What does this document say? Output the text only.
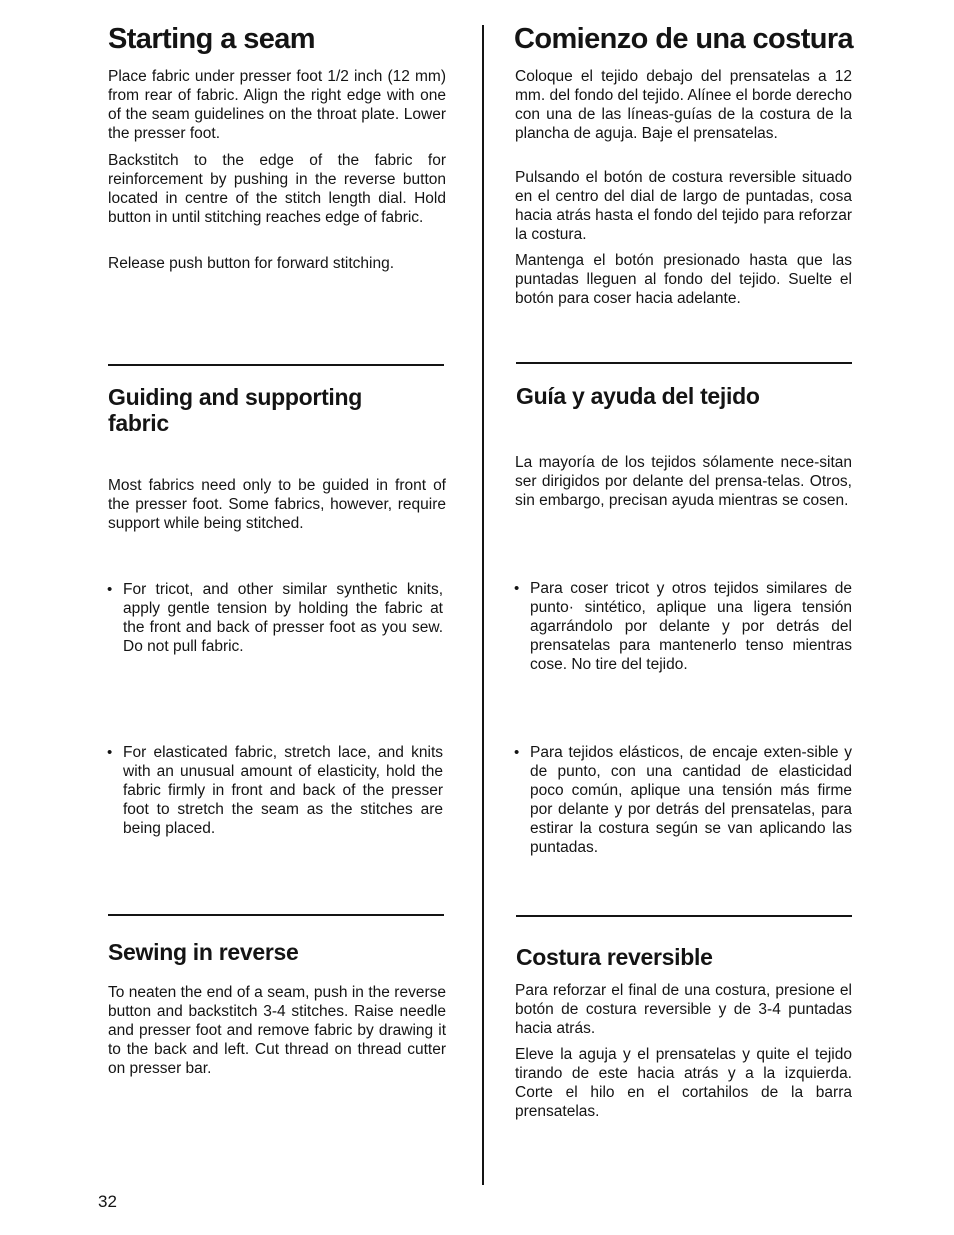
Starting a seam

Place fabric under presser foot 1/2 inch (12 mm) from rear of fabric. Align the right edge with one of the seam guidelines on the throat plate. Lower the presser foot.

Backstitch to the edge of the fabric for reinforcement by pushing in the reverse button located in centre of the stitch length dial. Hold button in until stitching reaches edge of fabric.

Release push button for forward stitching.

Guiding and supporting fabric

Most fabrics need only to be guided in front of the presser foot. Some fabrics, however, require support while being stitched.

• For tricot, and other similar synthetic knits, apply gentle tension by holding the fabric at the front and back of presser foot as you sew. Do not pull fabric.
• For elasticated fabric, stretch lace, and knits with an unusual amount of elasticity, hold the fabric firmly in front and back of the presser foot to stretch the seam as the stitches are being placed.
Sewing in reverse

To neaten the end of a seam, push in the reverse button and backstitch 3-4 stitches. Raise needle and presser foot and remove fabric by drawing it to the back and left. Cut thread on thread cutter on presser bar.

Comienzo de una costura

Coloque el tejido debajo del prensatelas a 12 mm. del fondo del tejido. Alínee el borde derecho con una de las líneas-guías de la costura de la plancha de aguja. Baje el prensatelas.

Pulsando el botón de costura reversible situado en el centro del dial de largo de puntadas, cosa hacia atrás hasta el fondo del tejido para reforzar la costura.

Mantenga el botón presionado hasta que las puntadas lleguen al fondo del tejido. Suelte el botón para coser hacia adelante.

Guía y ayuda del tejido

La mayoría de los tejidos sólamente nece-sitan ser dirigidos por delante del prensa-telas. Otros, sin embargo, precisan ayuda mientras se cosen.

• Para coser tricot y otros tejidos similares de punto· sintético, aplique una ligera tensión agarrándolo por delante y por detrás del prensatelas para mantenerlo tenso mientras cose. No tire del tejido.
• Para tejidos elásticos, de encaje exten-sible y de punto, con una cantidad de elasticidad poco común, aplique una tensión más firme por delante y por detrás del prensatelas, para estirar la costura según se van aplicando las puntadas.
Costura reversible

Para reforzar el final de una costura, presione el botón de costura reversible y de 3-4 puntadas hacia atrás.

Eleve la aguja y el prensatelas y quite el tejido tirando de este hacia atrás y a la izquierda. Corte el hilo en el cortahilos de la barra prensatelas.

32
